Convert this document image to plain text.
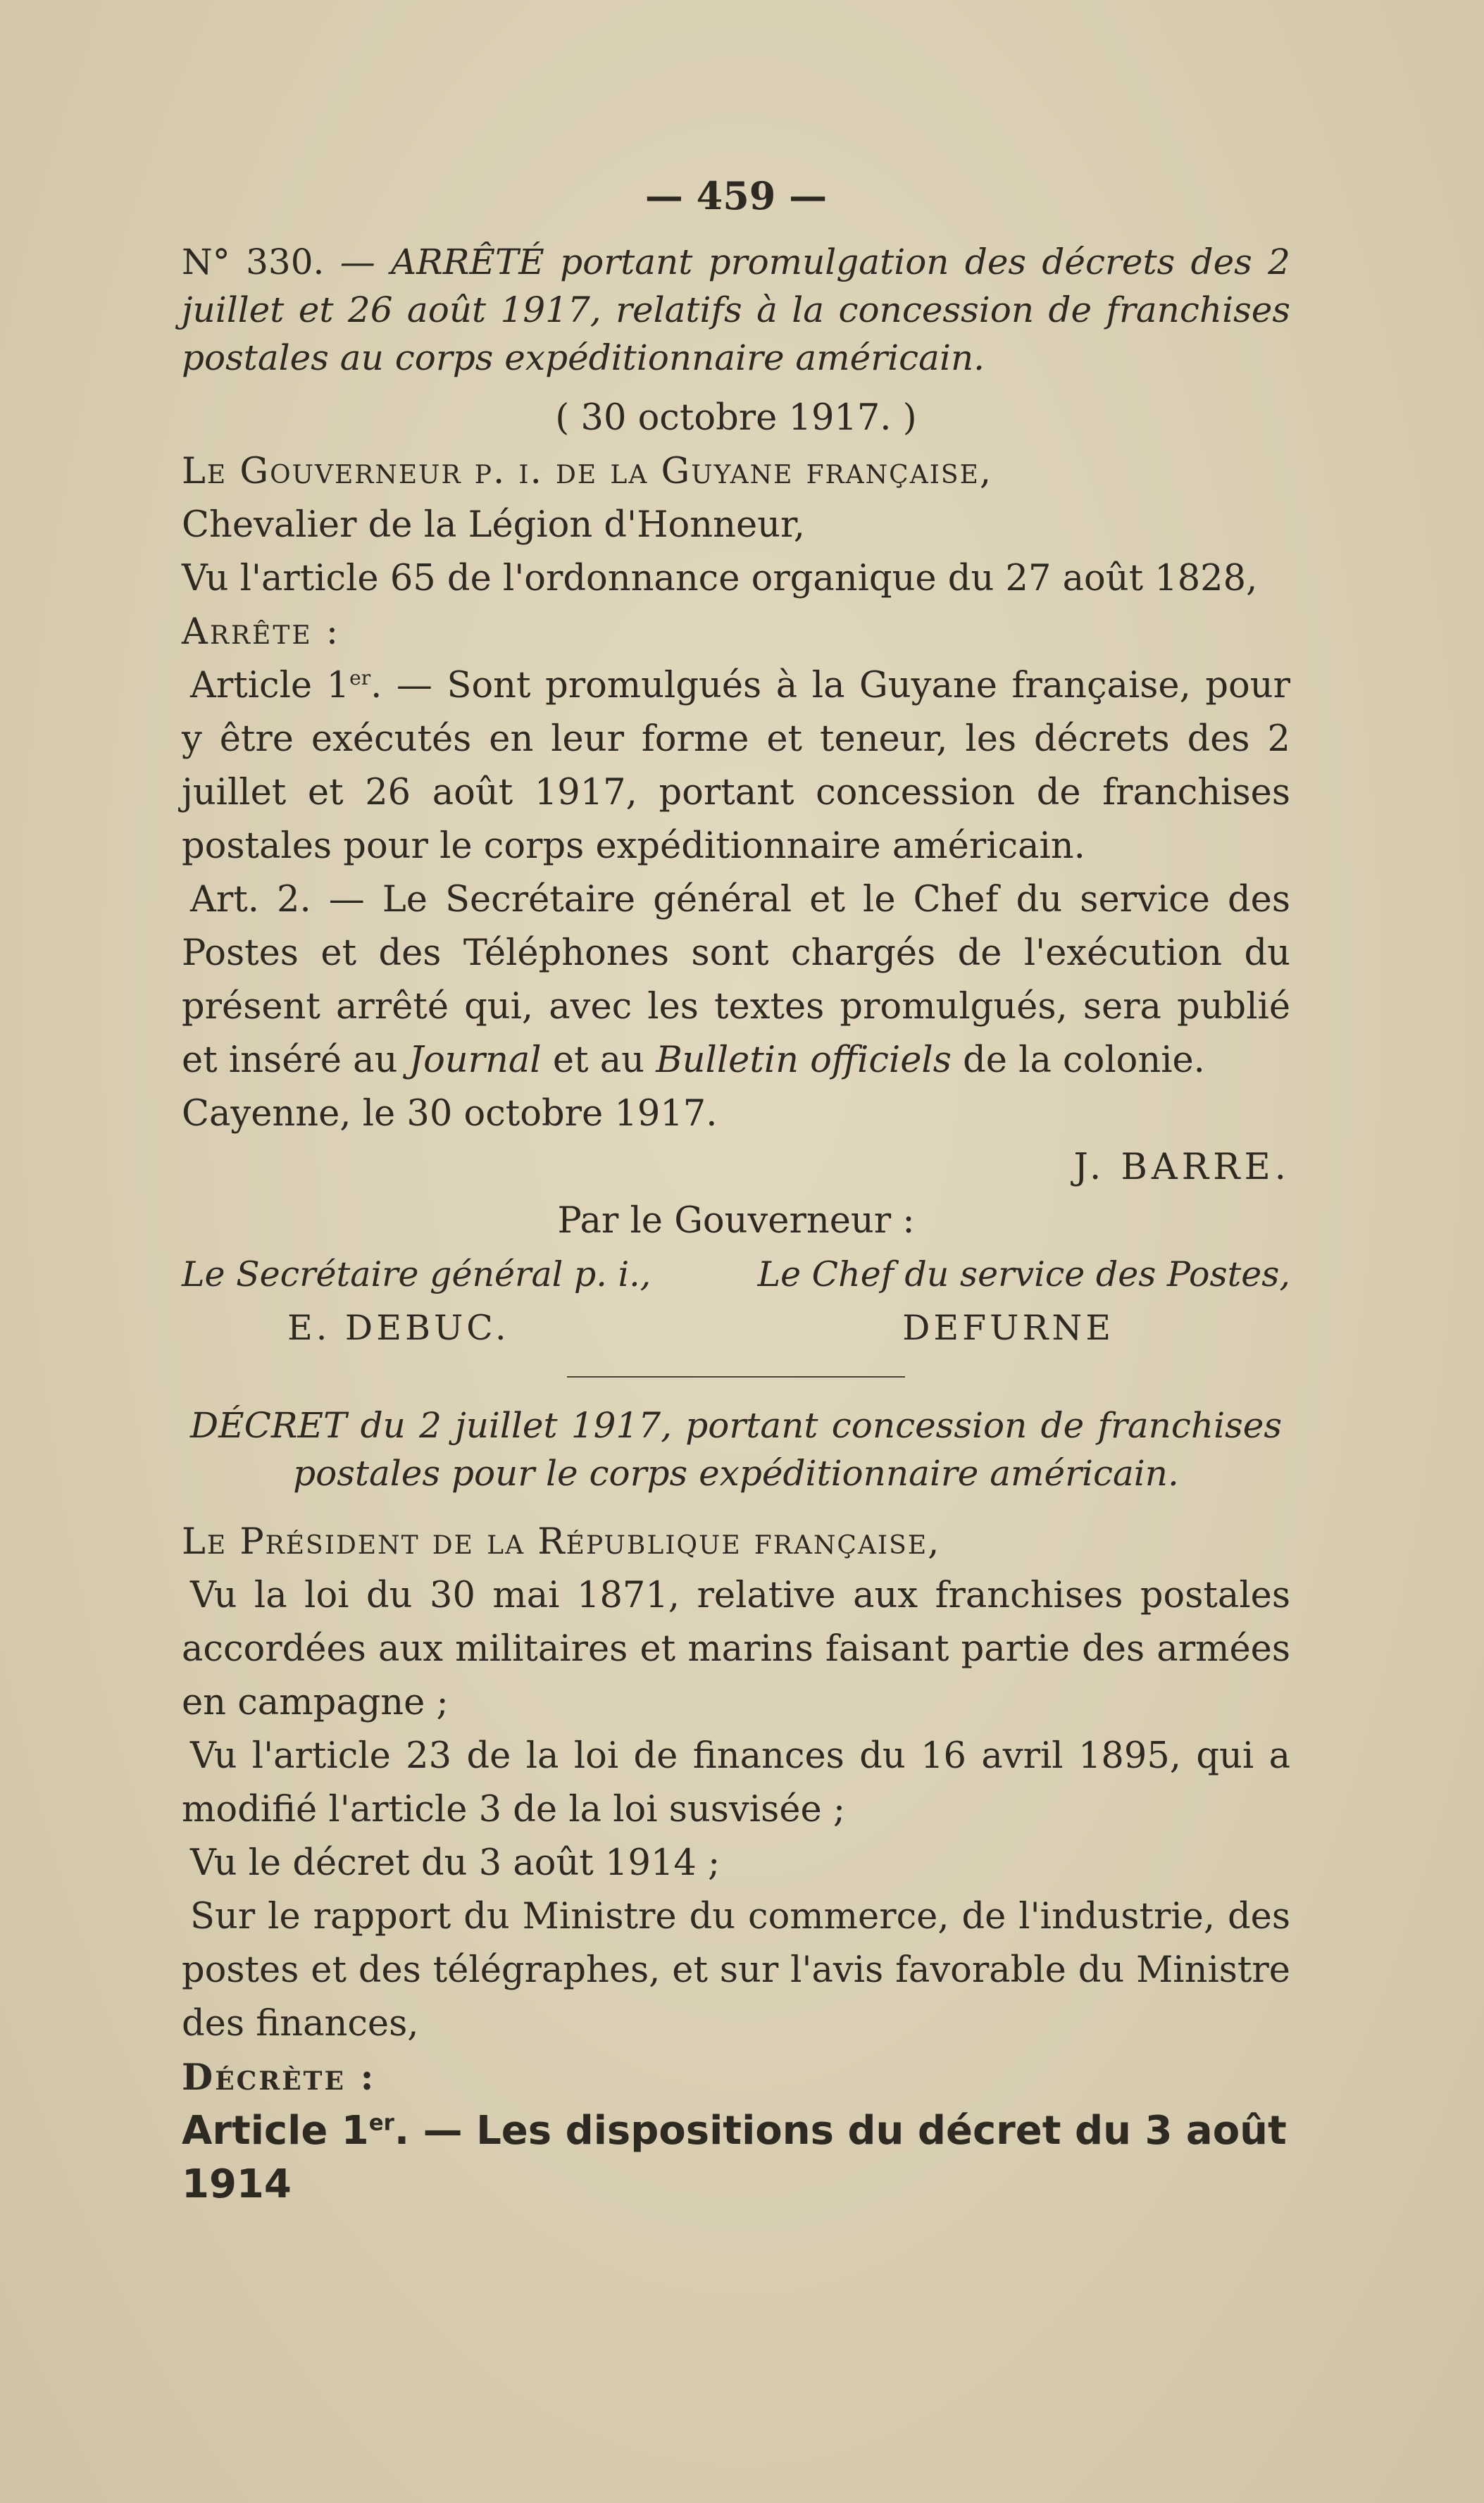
— 459 —

N° 330. — ARRÊTÉ portant promulgation des décrets des 2 juillet et 26 août 1917, relatifs à la concession de franchises postales au corps expéditionnaire américain.

( 30 octobre 1917. )
Le Gouverneur p. i. de la Guyane française,
Chevalier de la Légion d'Honneur,
Vu l'article 65 de l'ordonnance organique du 27 août 1828,
Arrête :

Article 1er. — Sont promulgués à la Guyane française, pour y être exécutés en leur forme et teneur, les décrets des 2 juillet et 26 août 1917, portant concession de franchises postales pour le corps expéditionnaire américain.

Art. 2. — Le Secrétaire général et le Chef du service des Postes et des Téléphones sont chargés de l'exécution du présent arrêté qui, avec les textes promulgués, sera publié et inséré au Journal et au Bulletin officiels de la colonie.

Cayenne, le 30 octobre 1917.
J. BARRE.
Par le Gouverneur :
Le Secrétaire général p. i.,	Le Chef du service des Postes,
E. DEBUC.	DEFURNE

DÉCRET du 2 juillet 1917, portant concession de franchises postales pour le corps expéditionnaire américain.

Le Président de la République française,

Vu la loi du 30 mai 1871, relative aux franchises postales accordées aux militaires et marins faisant partie des armées en campagne ;

Vu l'article 23 de la loi de finances du 16 avril 1895, qui a modifié l'article 3 de la loi susvisée ;

Vu le décret du 3 août 1914 ;

Sur le rapport du Ministre du commerce, de l'industrie, des postes et des télégraphes, et sur l'avis favorable du Ministre des finances,

Décrète :
Article 1er. — Les dispositions du décret du 3 août 1914
